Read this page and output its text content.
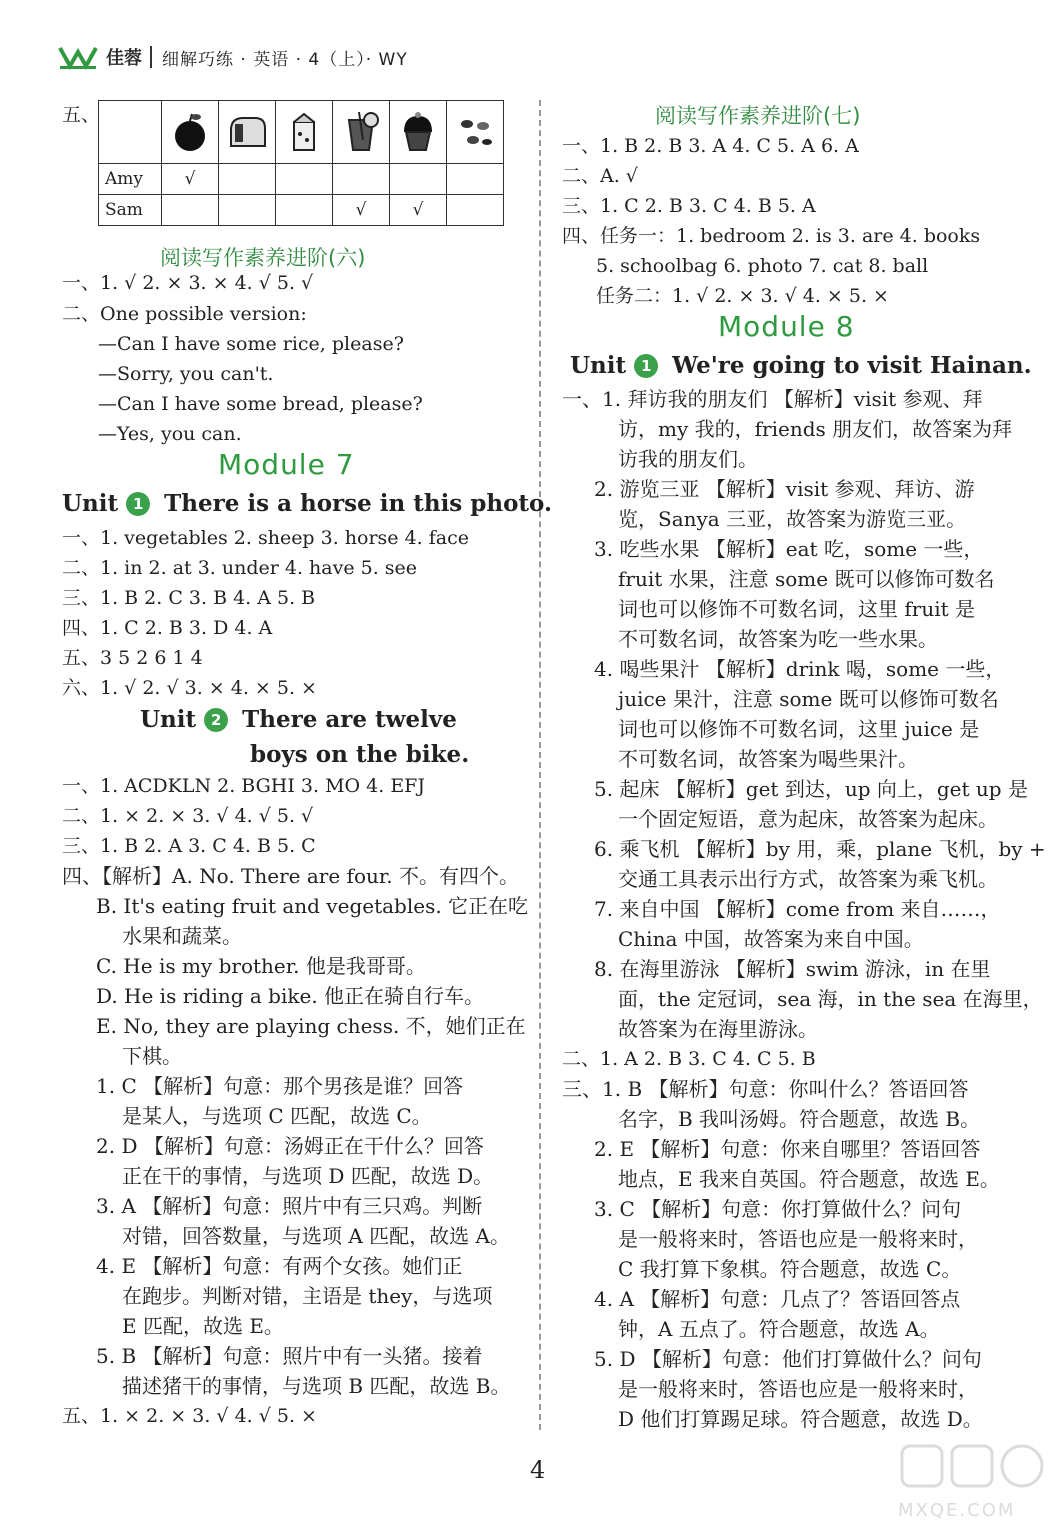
佳蓉 细解巧练 · 英语 · 4（上）· WY
五、

Amy	√					
Sam				√	√	
阅读写作素养进阶(六)
一、1. √ 2. × 3. × 4. √ 5. √
二、One possible version:
—Can I have some rice, please?
—Sorry, you can't.
—Can I have some bread, please?
—Yes, you can.
Module 7
Unit 1 There is a horse in this photo.
一、1. vegetables 2. sheep 3. horse 4. face
二、1. in 2. at 3. under 4. have 5. see
三、1. B 2. C 3. B 4. A 5. B
四、1. C 2. B 3. D 4. A
五、3 5 2 6 1 4
六、1. √ 2. √ 3. × 4. × 5. ×
Unit 2 There are twelve
boys on the bike.
一、1. ACDKLN 2. BGHI 3. MO 4. EFJ
二、1. × 2. × 3. √ 4. √ 5. √
三、1. B 2. A 3. C 4. B 5. C
四、【解析】A. No. There are four. 不。有四个。
B. It's eating fruit and vegetables. 它正在吃
水果和蔬菜。
C. He is my brother. 他是我哥哥。
D. He is riding a bike. 他正在骑自行车。
E. No, they are playing chess. 不，她们正在
下棋。
1. C 【解析】句意：那个男孩是谁？回答
是某人，与选项 C 匹配，故选 C。
2. D 【解析】句意：汤姆正在干什么？回答
正在干的事情，与选项 D 匹配，故选 D。
3. A 【解析】句意：照片中有三只鸡。判断
对错，回答数量，与选项 A 匹配，故选 A。
4. E 【解析】句意：有两个女孩。她们正
在跑步。判断对错，主语是 they，与选项
E 匹配，故选 E。
5. B 【解析】句意：照片中有一头猪。接着
描述猪干的事情，与选项 B 匹配，故选 B。
五、1. × 2. × 3. √ 4. √ 5. ×
阅读写作素养进阶(七)
一、1. B 2. B 3. A 4. C 5. A 6. A
二、A. √
三、1. C 2. B 3. C 4. B 5. A
四、任务一：1. bedroom 2. is 3. are 4. books
5. schoolbag 6. photo 7. cat 8. ball
任务二：1. √ 2. × 3. √ 4. × 5. ×
Module 8
Unit 1 We're going to visit Hainan.
一、1. 拜访我的朋友们 【解析】visit 参观、拜
访，my 我的，friends 朋友们，故答案为拜
访我的朋友们。
2. 游览三亚 【解析】visit 参观、拜访、游
览，Sanya 三亚，故答案为游览三亚。
3. 吃些水果 【解析】eat 吃，some 一些，
fruit 水果，注意 some 既可以修饰可数名
词也可以修饰不可数名词，这里 fruit 是
不可数名词，故答案为吃一些水果。
4. 喝些果汁 【解析】drink 喝，some 一些，
juice 果汁，注意 some 既可以修饰可数名
词也可以修饰不可数名词，这里 juice 是
不可数名词，故答案为喝些果汁。
5. 起床 【解析】get 到达，up 向上，get up 是
一个固定短语，意为起床，故答案为起床。
6. 乘飞机 【解析】by 用，乘，plane 飞机，by +
交通工具表示出行方式，故答案为乘飞机。
7. 来自中国 【解析】come from 来自……，
China 中国，故答案为来自中国。
8. 在海里游泳 【解析】swim 游泳，in 在里
面，the 定冠词，sea 海，in the sea 在海里，
故答案为在海里游泳。
二、1. A 2. B 3. C 4. C 5. B
三、1. B 【解析】句意：你叫什么？答语回答
名字，B 我叫汤姆。符合题意，故选 B。
2. E 【解析】句意：你来自哪里？答语回答
地点，E 我来自英国。符合题意，故选 E。
3. C 【解析】句意：你打算做什么？问句
是一般将来时，答语也应是一般将来时，
C 我打算下象棋。符合题意，故选 C。
4. A 【解析】句意：几点了？答语回答点
钟，A 五点了。符合题意，故选 A。
5. D 【解析】句意：他们打算做什么？问句
是一般将来时，答语也应是一般将来时，
D 他们打算踢足球。符合题意，故选 D。
4
MXQE.COM
